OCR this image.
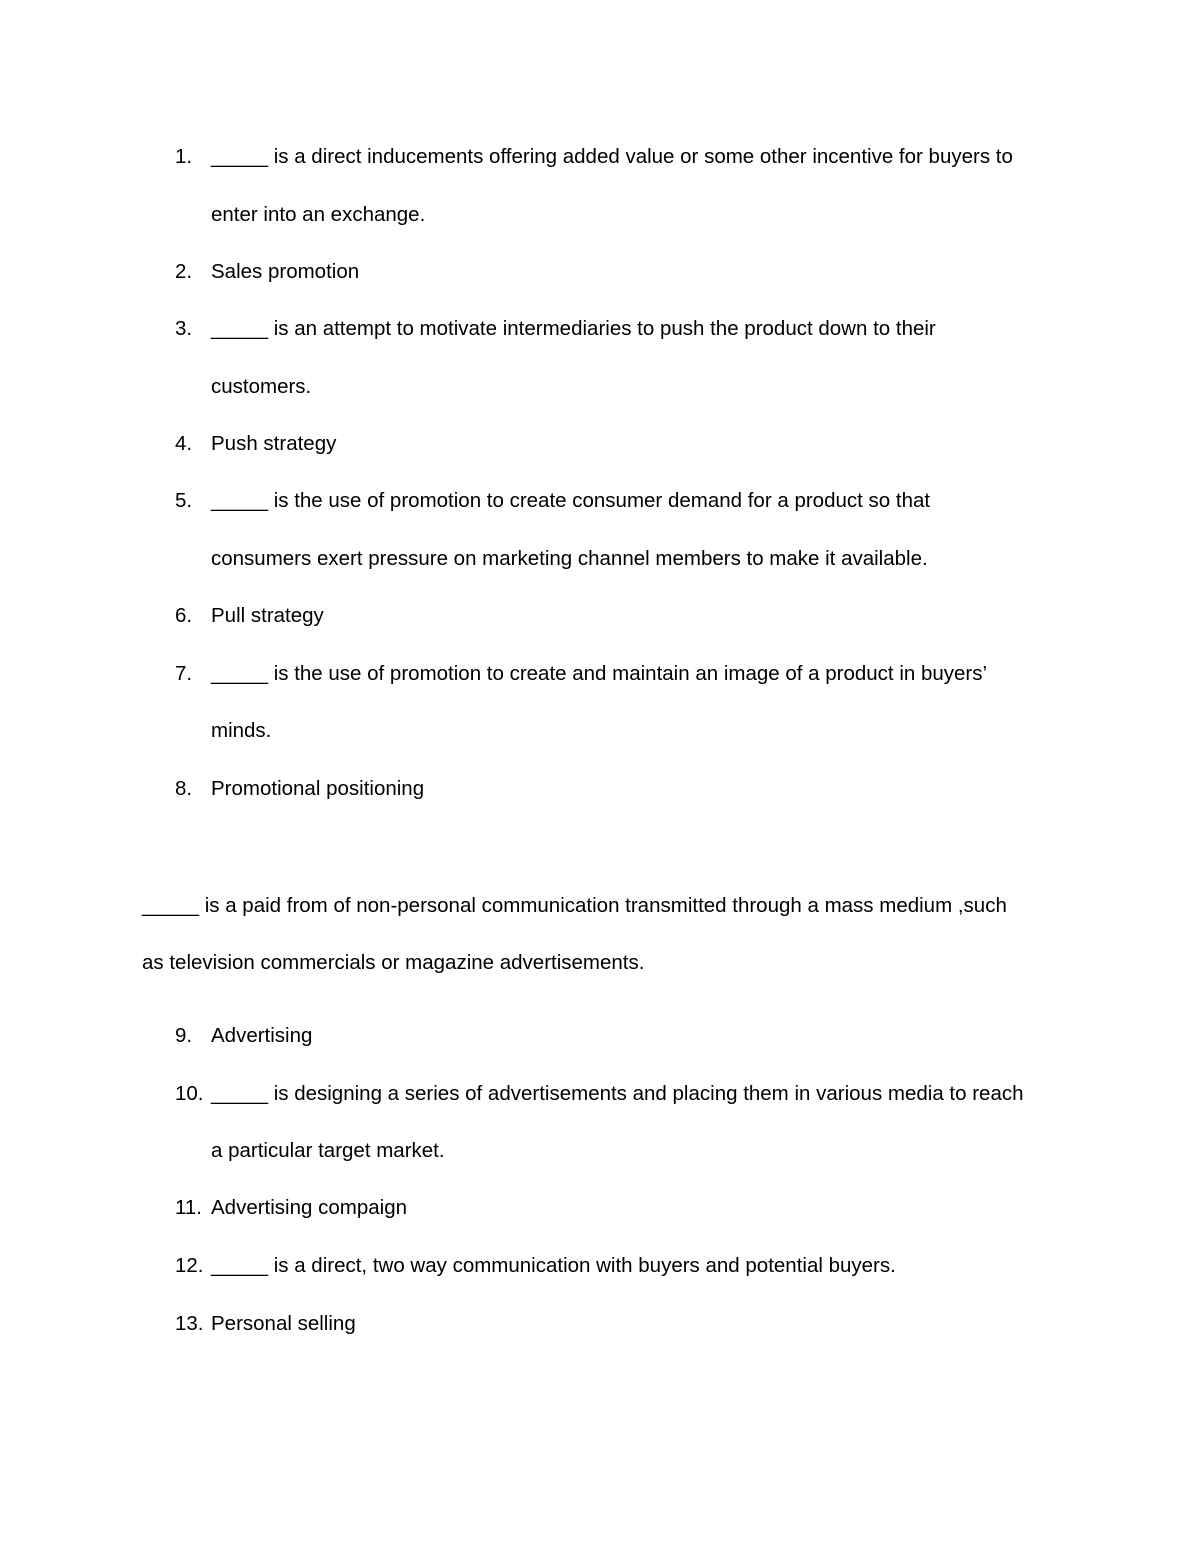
1. _____ is a direct inducements offering added value or some other incentive for buyers to
enter into an exchange.
2. Sales promotion
3. _____ is an attempt to motivate intermediaries to push the product down to their
customers.
4. Push strategy
5. _____ is the use of promotion to create consumer demand for a product so that
consumers exert pressure on marketing channel members to make it available.
6. Pull strategy
7. _____ is the use of promotion to create and maintain an image of a product in buyers’
minds.
8. Promotional positioning
_____ is a paid from of non-personal communication transmitted through a mass medium ,such
as television commercials or magazine advertisements.
9. Advertising
10. _____ is designing a series of advertisements and placing them in various media to reach
a particular target market.
11. Advertising compaign
12. _____ is a direct, two way communication with buyers and potential buyers.
13. Personal selling
